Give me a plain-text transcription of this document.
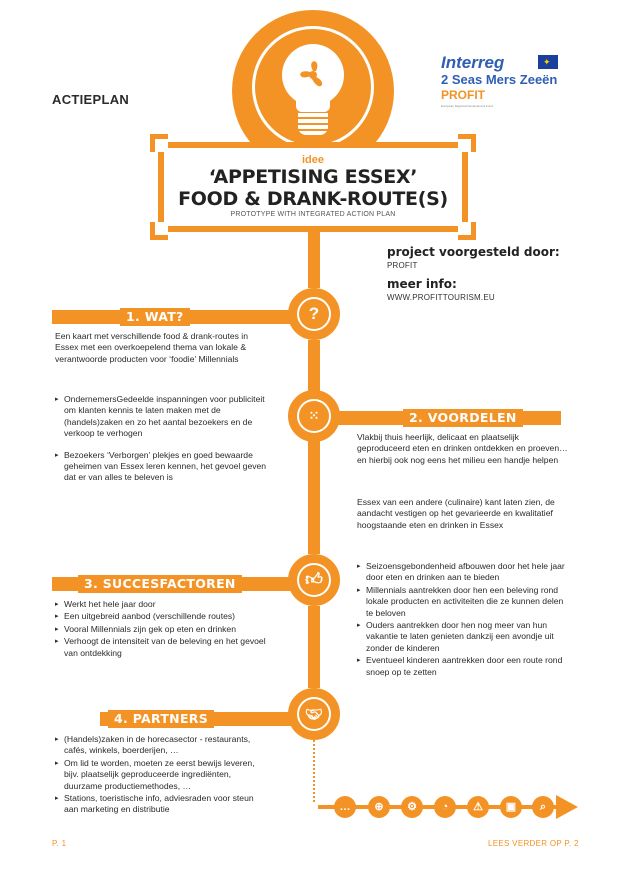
ACTIEPLAN
Interreg	✦
2 Seas Mers Zeeën
PROFIT
European Regional Development Fund
idee
‘APPETISING ESSEX’
FOOD & DRANK-ROUTE(S)
PROTOTYPE WITH INTEGRATED ACTION PLAN
project voorgesteld door:
PROFIT
meer info:
WWW.PROFITTOURISM.EU
1. WAT?	?
Een kaart met verschillende food & drank-routes in Essex met een overkoepelend thema van lokale & verantwoorde producten voor ‘foodie’ Millennials
▸ OndernemersGedeelde inspanningen voor publiciteit om klanten kennis te laten maken met de (handels)zaken en zo het aantal bezoekers en de verkoop te verhogen
▸ Bezoekers ‘Verborgen’ plekjes en goed bewaarde geheimen van Essex leren kennen, het gevoel geven dat er van alles te beleven is
2. VOORDELEN
⁙
Vlakbij thuis heerlijk, delicaat en plaatselijk geproduceerd eten en drinken ontdekken en proeven… en hierbij ook nog eens het milieu een handje helpen
Essex van een andere (culinaire) kant laten zien, de aandacht vestigen op het gevarieerde en kwalitatief hoogstaande eten en drinken in Essex
▸ Seizoensgebondenheid afbouwen door het hele jaar door eten en drinken aan te bieden
▸ Millennials aantrekken door hen een beleving rond lokale producten en activiteiten die ze kunnen delen te beloven
▸ Ouders aantrekken door hen nog meer van hun vakantie te laten genieten dankzij een avondje uit zonder de kinderen
▸ Eventueel kinderen aantrekken door een route rond snoep op te zetten
3. SUCCESFACTOREN	👍︎
▸ Werkt het hele jaar door
▸ Een uitgebreid aanbod (verschillende routes)
▸ Vooral Millennials zijn gek op eten en drinken
▸ Verhoogt de intensiteit van de beleving en het gevoel van ontdekking
4. PARTNERS	🤝︎
▸ (Handels)zaken in de horecasector - restaurants, cafés, winkels, boerderijen, …
▸ Om lid te worden, moeten ze eerst bewijs leveren, bijv. plaatselijk geproduceerde ingrediënten, duurzame productiemethodes, …
▸ Stations, toeristische info, adviesraden voor steun aan marketing en distributie	…	⊕	⚙	◔	⚠	▣	⌕
P. 1	LEES VERDER OP P. 2
